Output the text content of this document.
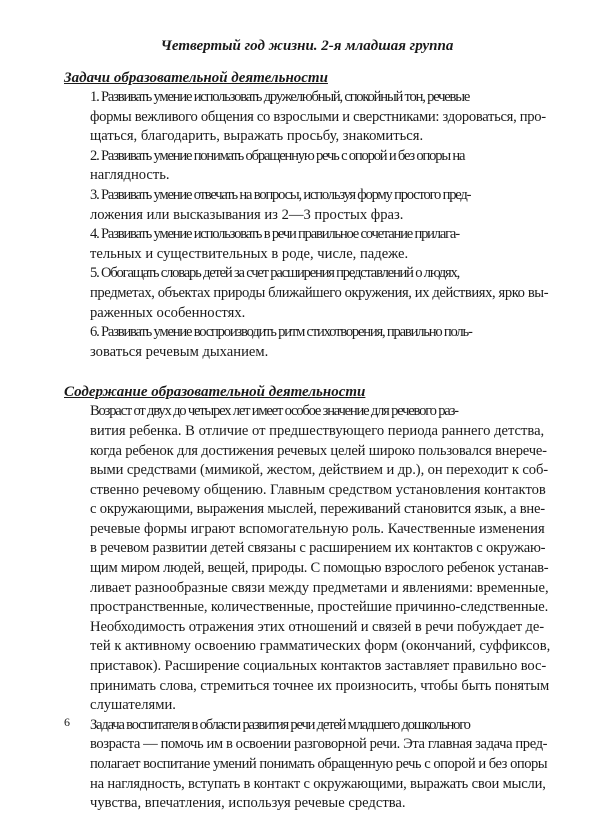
Четвертый год жизни. 2-я младшая группа
Задачи образовательной деятельности

1. Развивать умение использовать дружелюбный, спокойный тон, речевые
формы вежливого общения со взрослыми и сверстниками: здороваться, про-
щаться, благодарить, выражать просьбу, знакомиться.

2. Развивать умение понимать обращенную речь с опорой и без опоры на
наглядность.

3. Развивать умение отвечать на вопросы, используя форму простого пред-
ложения или высказывания из 2—3 простых фраз.

4. Развивать умение использовать в речи правильное сочетание прилага-
тельных и существительных в роде, числе, падеже.

5. Обогащать словарь детей за счет расширения представлений о людях,
предметах, объектах природы ближайшего окружения, их действиях, ярко вы-
раженных особенностях.

6. Развивать умение воспроизводить ритм стихотворения, правильно поль-
зоваться речевым дыханием.

Содержание образовательной деятельности

Возраст от двух до четырех лет имеет особое значение для речевого раз-
вития ребенка. В отличие от предшествующего периода раннего детства,
когда ребенок для достижения речевых целей широко пользовался внерече-
выми средствами (мимикой, жестом, действием и др.), он переходит к соб-
ственно речевому общению. Главным средством установления контактов
с окружающими, выражения мыслей, переживаний становится язык, а вне-
речевые формы играют вспомогательную роль. Качественные изменения
в речевом развитии детей связаны с расширением их контактов с окружаю-
щим миром людей, вещей, природы. С помощью взрослого ребенок устанав-
ливает разнообразные связи между предметами и явлениями: временные,
пространственные, количественные, простейшие причинно-следственные.
Необходимость отражения этих отношений и связей в речи побуждает де-
тей к активному освоению грамматических форм (окончаний, суффиксов,
приставок). Расширение социальных контактов заставляет правильно вос-
принимать слова, стремиться точнее их произносить, чтобы быть понятым
слушателями.

Задача воспитателя в области развития речи детей младшего дошкольного
возраста — помочь им в освоении разговорной речи. Эта главная задача пред-
полагает воспитание умений понимать обращенную речь с опорой и без опоры
на наглядность, вступать в контакт с окружающими, выражать свои мысли,
чувства, впечатления, используя речевые средства.

6
